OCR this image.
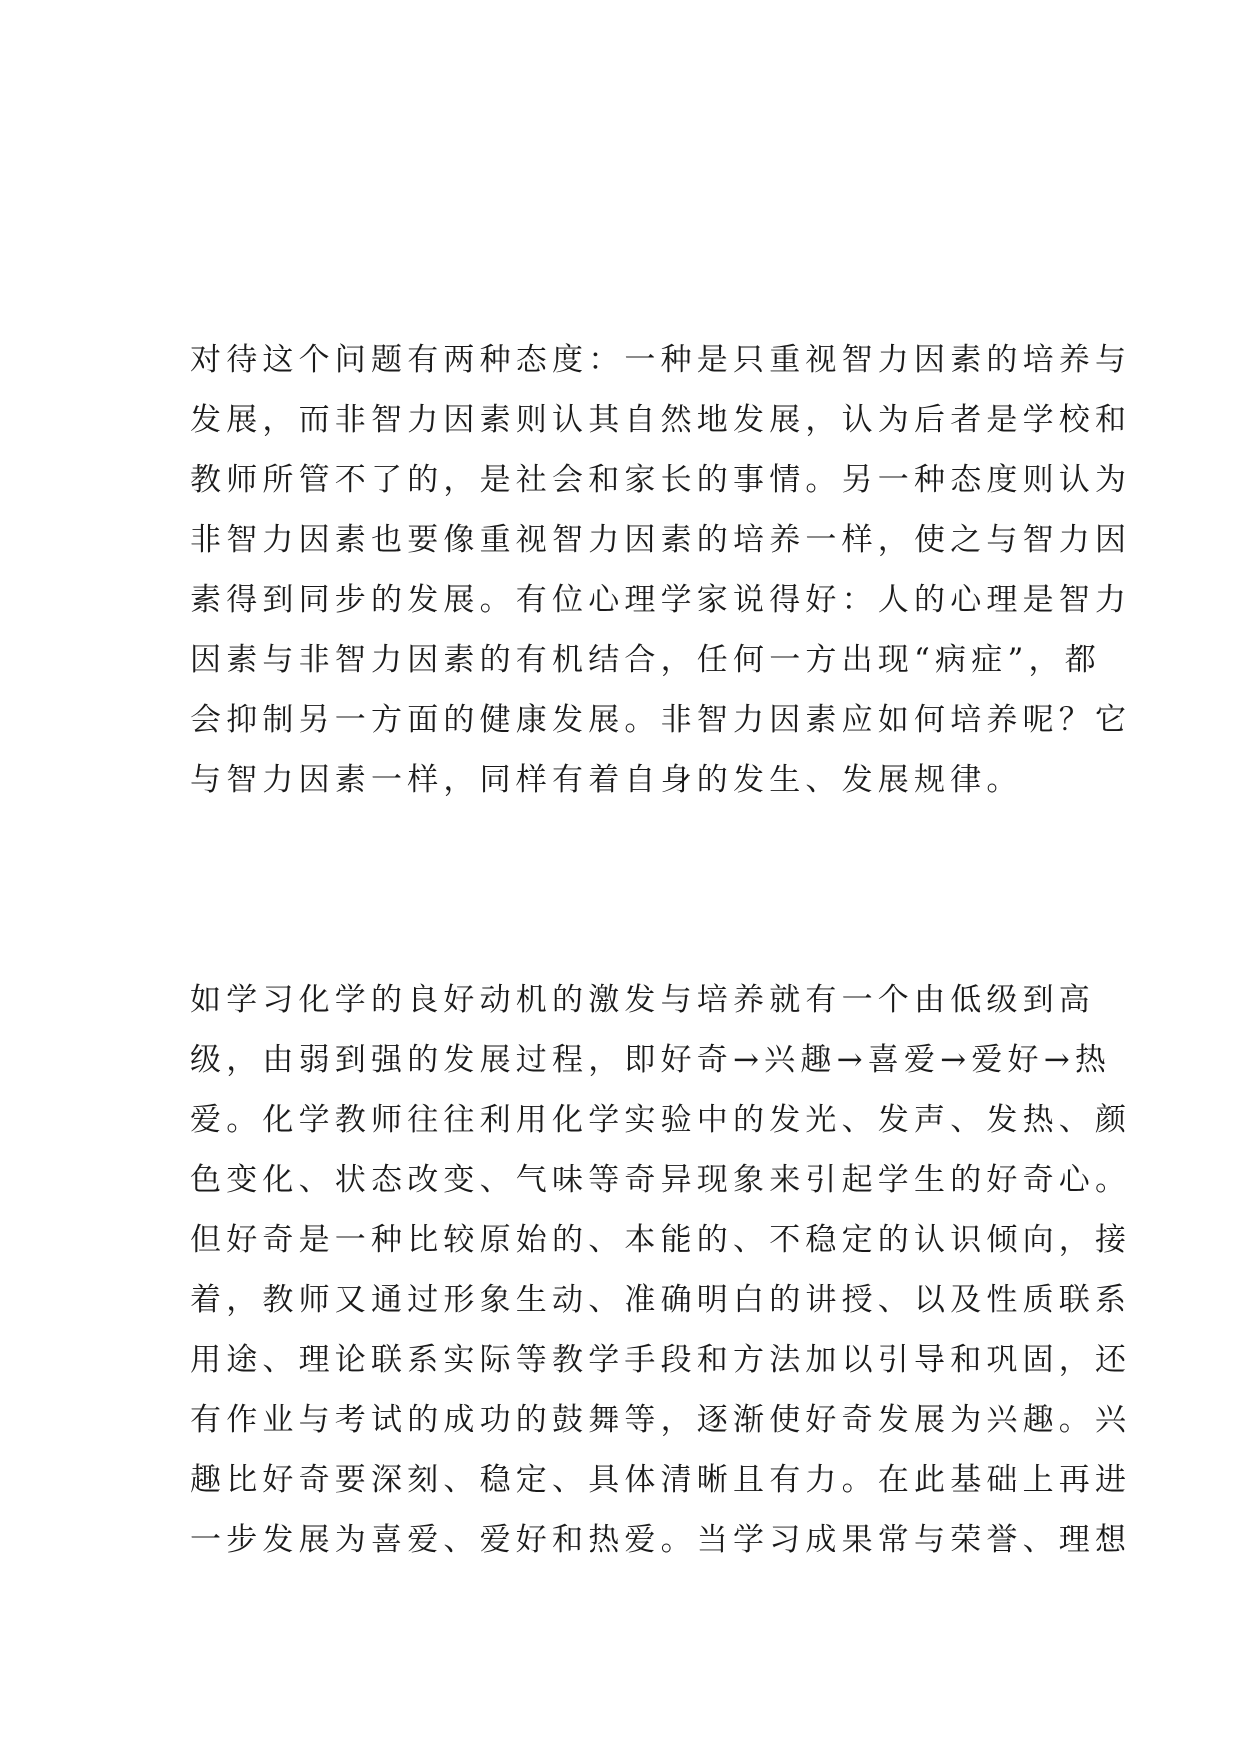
对待这个问题有两种态度：一种是只重视智力因素的培养与
发展，而非智力因素则认其自然地发展，认为后者是学校和
教师所管不了的，是社会和家长的事情。另一种态度则认为
非智力因素也要像重视智力因素的培养一样，使之与智力因
素得到同步的发展。有位心理学家说得好：人的心理是智力
因素与非智力因素的有机结合，任何一方出现“病症”，都
会抑制另一方面的健康发展。非智力因素应如何培养呢？它
与智力因素一样，同样有着自身的发生、发展规律。
如学习化学的良好动机的激发与培养就有一个由低级到高
级，由弱到强的发展过程，即好奇→兴趣→喜爱→爱好→热
爱。化学教师往往利用化学实验中的发光、发声、发热、颜
色变化、状态改变、气味等奇异现象来引起学生的好奇心。
但好奇是一种比较原始的、本能的、不稳定的认识倾向，接
着，教师又通过形象生动、准确明白的讲授、以及性质联系
用途、理论联系实际等教学手段和方法加以引导和巩固，还
有作业与考试的成功的鼓舞等，逐渐使好奇发展为兴趣。兴
趣比好奇要深刻、稳定、具体清晰且有力。在此基础上再进
一步发展为喜爱、爱好和热爱。当学习成果常与荣誉、理想
